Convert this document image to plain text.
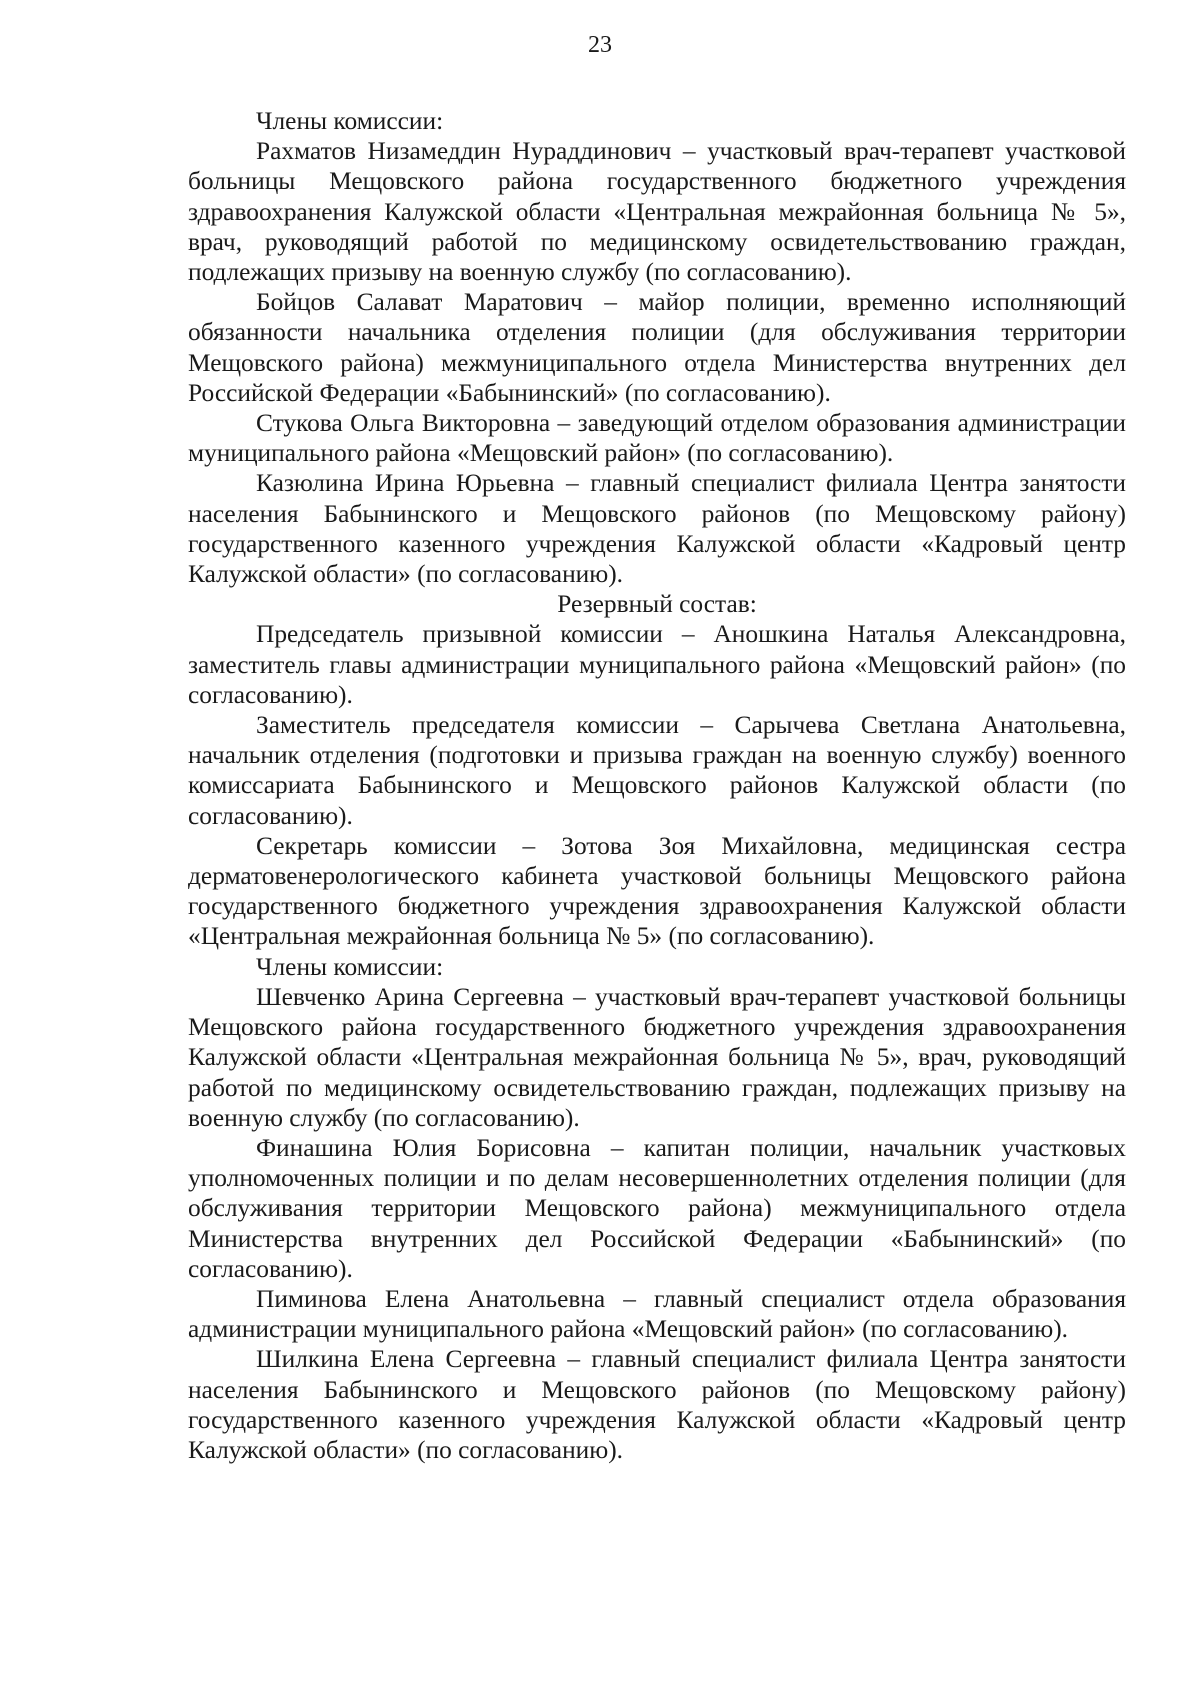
23

Члены комиссии:

Рахматов Низамеддин Нураддинович – участковый врач-терапевт участковой больницы Мещовского района государственного бюджетного учреждения здравоохранения Калужской области «Центральная межрайонная больница № 5», врач, руководящий работой по медицинскому освидетельствованию граждан, подлежащих призыву на военную службу (по согласованию).

Бойцов Салават Маратович – майор полиции, временно исполняющий обязанности начальника отделения полиции (для обслуживания территории Мещовского района) межмуниципального отдела Министерства внутренних дел Российской Федерации «Бабынинский» (по согласованию).

Стукова Ольга Викторовна – заведующий отделом образования администрации муниципального района «Мещовский район» (по согласованию).

Казюлина Ирина Юрьевна – главный специалист филиала Центра занятости населения Бабынинского и Мещовского районов (по Мещовскому району) государственного казенного учреждения Калужской области «Кадровый центр Калужской области» (по согласованию).

Резервный состав:

Председатель призывной комиссии – Аношкина Наталья Александровна, заместитель главы администрации муниципального района «Мещовский район» (по согласованию).

Заместитель председателя комиссии – Сарычева Светлана Анатольевна, начальник отделения (подготовки и призыва граждан на военную службу) военного комиссариата Бабынинского и Мещовского районов Калужской области (по согласованию).

Секретарь комиссии – Зотова Зоя Михайловна, медицинская сестра дерматовенерологического кабинета участковой больницы Мещовского района государственного бюджетного учреждения здравоохранения Калужской области «Центральная межрайонная больница № 5» (по согласованию).

Члены комиссии:

Шевченко Арина Сергеевна – участковый врач-терапевт участковой больницы Мещовского района государственного бюджетного учреждения здравоохранения Калужской области «Центральная межрайонная больница № 5», врач, руководящий работой по медицинскому освидетельствованию граждан, подлежащих призыву на военную службу (по согласованию).

Финашина Юлия Борисовна – капитан полиции, начальник участковых уполномоченных полиции и по делам несовершеннолетних отделения полиции (для обслуживания территории Мещовского района) межмуниципального отдела Министерства внутренних дел Российской Федерации «Бабынинский» (по согласованию).

Пиминова Елена Анатольевна – главный специалист отдела образования администрации муниципального района «Мещовский район» (по согласованию).

Шилкина Елена Сергеевна – главный специалист филиала Центра занятости населения Бабынинского и Мещовского районов (по Мещовскому району) государственного казенного учреждения Калужской области «Кадровый центр Калужской области» (по согласованию).
